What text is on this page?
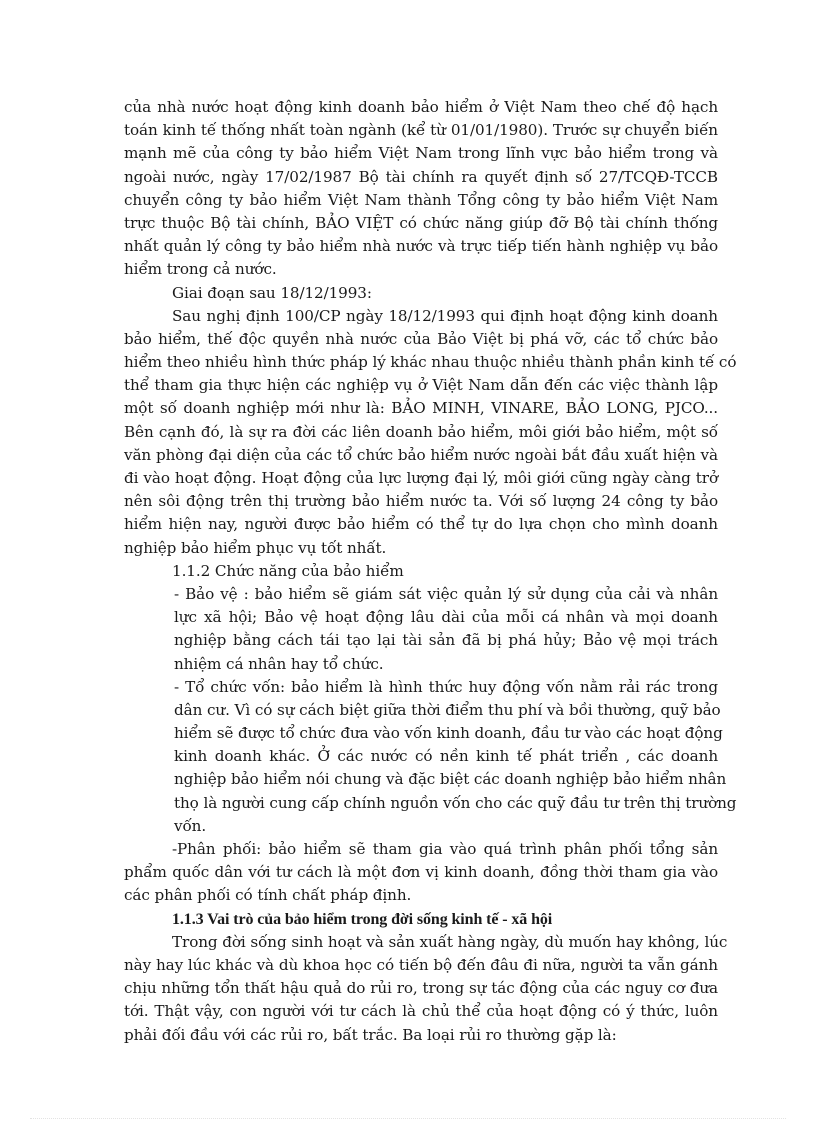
của nhà nước hoạt động kinh doanh bảo hiểm ở Việt Nam theo chế độ hạch
toán kinh tế thống nhất toàn ngành (kể từ 01/01/1980). Trước sự chuyển biến
mạnh mẽ của công ty bảo hiểm Việt Nam trong lĩnh vực bảo hiểm trong và
ngoài nước, ngày 17/02/1987 Bộ tài chính ra quyết định số 27/TCQĐ-TCCB
chuyển công ty bảo hiểm Việt Nam thành Tổng công ty bảo hiểm Việt Nam
trực thuộc Bộ tài chính, BẢO VIỆT có chức năng giúp đỡ Bộ tài chính thống
nhất quản lý công ty bảo hiểm nhà nước và trực tiếp tiến hành nghiệp vụ bảo
hiểm trong cả nước.
Giai đoạn sau 18/12/1993:
Sau nghị định 100/CP ngày 18/12/1993 qui định hoạt động kinh doanh
bảo hiểm, thế độc quyền nhà nước của Bảo Việt bị phá vỡ, các tổ chức bảo
hiểm theo nhiều hình thức pháp lý khác nhau thuộc nhiều thành phần kinh tế có
thể tham gia thực hiện các nghiệp vụ ở Việt Nam dẫn đến các việc thành lập
một số doanh nghiệp mới như là: BẢO MINH, VINARE, BẢO LONG, PJCO...
Bên cạnh đó, là sự ra đời các liên doanh bảo hiểm, môi giới bảo hiểm, một số
văn phòng đại diện của các tổ chức bảo hiểm nước ngoài bắt đầu xuất hiện và
đi vào hoạt động. Hoạt động của lực lượng đại lý, môi giới cũng ngày càng trở
nên sôi động trên thị trường bảo hiểm nước ta. Với số lượng 24 công ty bảo
hiểm hiện nay, người được bảo hiểm có thể tự do lựa chọn cho mình doanh
nghiệp bảo hiểm phục vụ tốt nhất.
1.1.2 Chức năng của bảo hiểm
- Bảo vệ : bảo hiểm sẽ giám sát việc quản lý sử dụng của cải và nhân
lực xã hội; Bảo vệ hoạt động lâu dài của mỗi cá nhân và mọi doanh
nghiệp bằng cách tái tạo lại tài sản đã bị phá hủy; Bảo vệ mọi trách
nhiệm cá nhân hay tổ chức.
- Tổ chức vốn: bảo hiểm là hình thức huy động vốn nằm rải rác trong
dân cư. Vì có sự cách biệt giữa thời điểm thu phí và bồi thường, quỹ bảo
hiểm sẽ được tổ chức đưa vào vốn kinh doanh, đầu tư vào các hoạt động
kinh doanh khác. Ở các nước có nền kinh tế phát triển , các doanh
nghiệp bảo hiểm nói chung và đặc biệt các doanh nghiệp bảo hiểm nhân
thọ là người cung cấp chính nguồn vốn cho các quỹ đầu tư trên thị trường
vốn.
-Phân phối: bảo hiểm sẽ tham gia vào quá trình phân phối tổng sản
phẩm quốc dân với tư cách là một đơn vị kinh doanh, đồng thời tham gia vào
các phân phối có tính chất pháp định.
1.1.3 Vai trò của bảo hiểm trong đời sống kinh tế - xã hội
Trong đời sống sinh hoạt và sản xuất hàng ngày, dù muốn hay không, lúc
này hay lúc khác và dù khoa học có tiến bộ đến đâu đi nữa, người ta vẫn gánh
chịu những tổn thất hậu quả do rủi ro, trong sự tác động của các nguy cơ đưa
tới. Thật vậy, con người với tư cách là chủ thể của hoạt động có ý thức, luôn
phải đối đầu với các rủi ro, bất trắc. Ba loại rủi ro thường gặp là:
